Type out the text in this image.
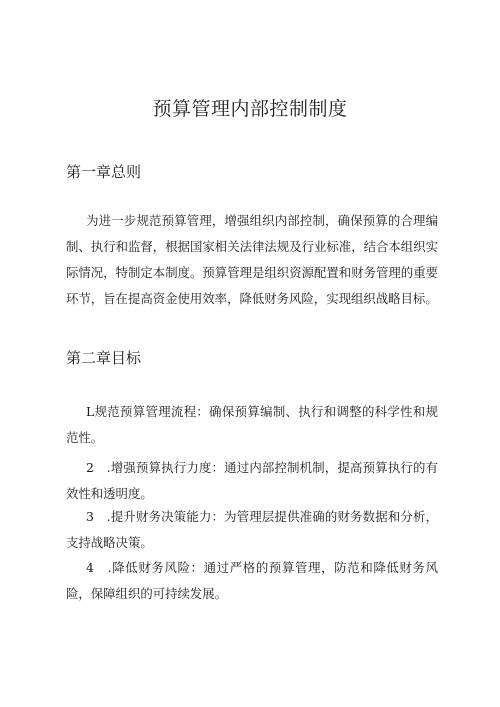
预算管理内部控制制度
第一章总则

为进一步规范预算管理，增强组织内部控制，确保预算的合理编制、执行和监督，根据国家相关法律法规及行业标准，结合本组织实际情况，特制定本制度。预算管理是组织资源配置和财务管理的重要环节，旨在提高资金使用效率，降低财务风险，实现组织战略目标。

第二章目标

L规范预算管理流程：确保预算编制、执行和调整的科学性和规范性。

2　.增强预算执行力度：通过内部控制机制，提高预算执行的有效性和透明度。

3　.提升财务决策能力：为管理层提供准确的财务数据和分析，支持战略决策。

4　.降低财务风险：通过严格的预算管理，防范和降低财务风险，保障组织的可持续发展。
